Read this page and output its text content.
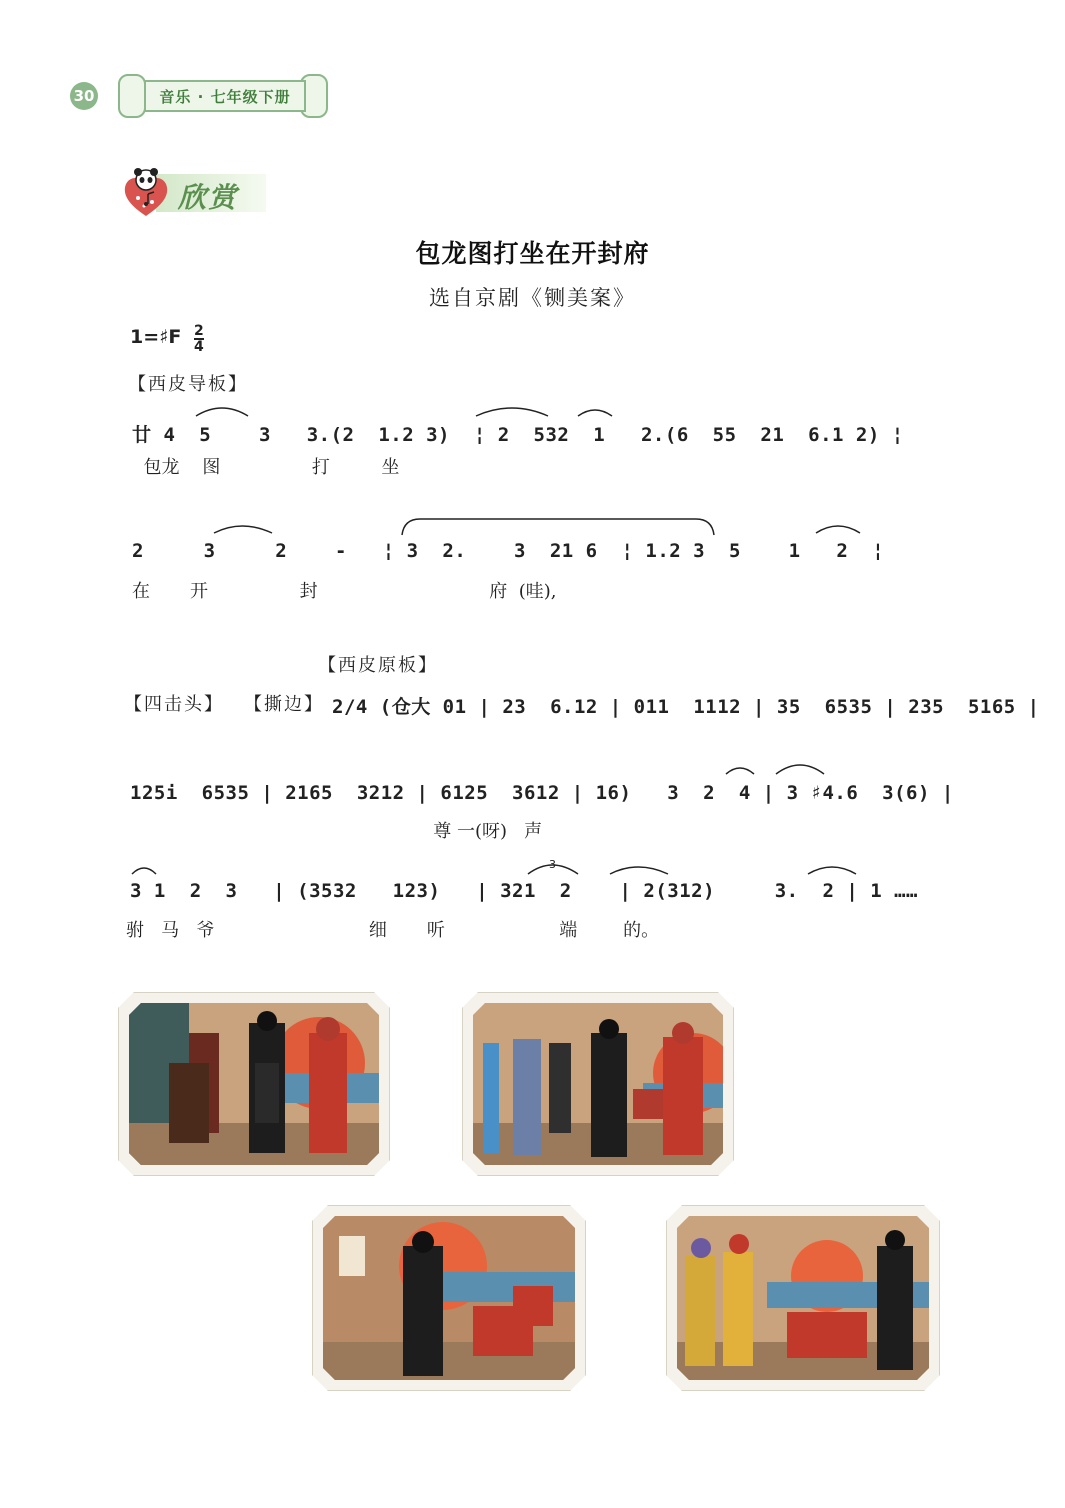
30	音乐 · 七年级下册
欣赏
包龙图打坐在开封府
选自京剧《铡美案》
1=♯F $\frac{2}{4}$
【西皮导板】
廿 4  5    3   3.(2  1.2 3)  ¦ 2  532  1   2.(6  55  21  6.1 2) ¦
包龙    图                打         坐
2     3     2    -   ¦ 3  2.    3  21 6  ¦ 1.2 3  5    1   2  ¦
在       开                封                              府  (哇),
【西皮原板】
【四击头】 【撕边】 2/4 (仓大 01 | 23  6.12 | 011  1112 | 35  6535 | 235  5165 |
125i  6535 | 2165  3212 | 6125  3612 | 16)   3  2  4 | 3 ♯4.6  3(6) |
尊 一(呀)   声
3 1  2  3   | (3532   123)   | 321  2    | 2(312)     3.  2 | 1 ……
3
驸   马   爷                           细       听                    端        的。
